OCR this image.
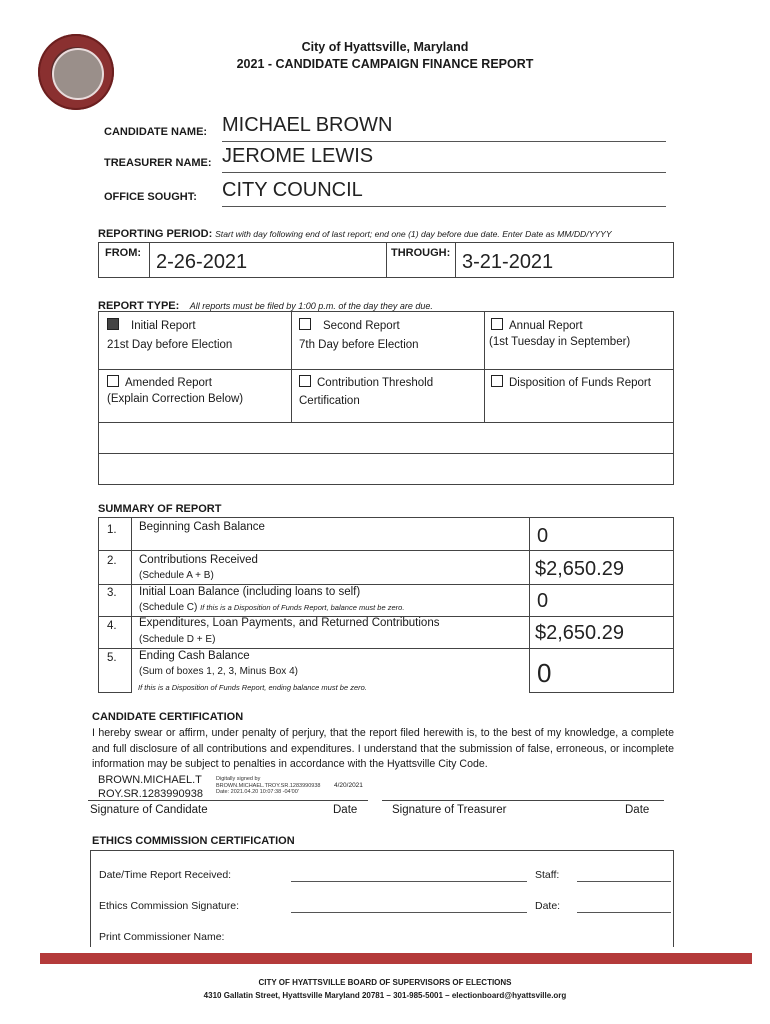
City of Hyattsville, Maryland
2021 - CANDIDATE CAMPAIGN FINANCE REPORT
CANDIDATE NAME: MICHAEL BROWN
TREASURER NAME: JEROME LEWIS
OFFICE SOUGHT: CITY COUNCIL
REPORTING PERIOD: Start with day following end of last report; end one (1) day before due date. Enter Date as MM/DD/YYYY
FROM: 2-26-2021	THROUGH: 3-21-2021
REPORT TYPE: All reports must be filed by 1:00 p.m. of the day they are due.
Initial Report
21st Day before Election
Second Report
7th Day before Election
Annual Report
(1st Tuesday in September)
Amended Report
(Explain Correction Below)
Contribution Threshold
Certification
Disposition of Funds Report
SUMMARY OF REPORT
1. Beginning Cash Balance	0
2. Contributions Received
(Schedule A + B)	$2,650.29
3. Initial Loan Balance (including loans to self)
(Schedule C) If this is a Disposition of Funds Report, balance must be zero.	0
4. Expenditures, Loan Payments, and Returned Contributions
(Schedule D + E)	$2,650.29
5. Ending Cash Balance
(Sum of boxes 1, 2, 3, Minus Box 4)	0
If this is a Disposition of Funds Report, ending balance must be zero.
CANDIDATE CERTIFICATION
I hereby swear or affirm, under penalty of perjury, that the report filed herewith is, to the best of my knowledge, a complete and full disclosure of all contributions and expenditures. I understand that the submission of false, erroneous, or incomplete information may be subject to penalties in accordance with the Hyattsville City Code.
BROWN.MICHAEL.T
ROY.SR.1283990938
Digitally signed by
BROWN.MICHAEL.TROY.SR.1283990938
Date: 2021.04.20 10:07:38 -04'00'
4/20/2021
Signature of Candidate	Date	Signature of Treasurer	Date
ETHICS COMMISSION CERTIFICATION
Date/Time Report Received:	Staff:
Ethics Commission Signature:	Date:
Print Commissioner Name:
CITY OF HYATTSVILLE BOARD OF SUPERVISORS OF ELECTIONS
4310 Gallatin Street, Hyattsville Maryland 20781 – 301-985-5001 – electionboard@hyattsville.org
